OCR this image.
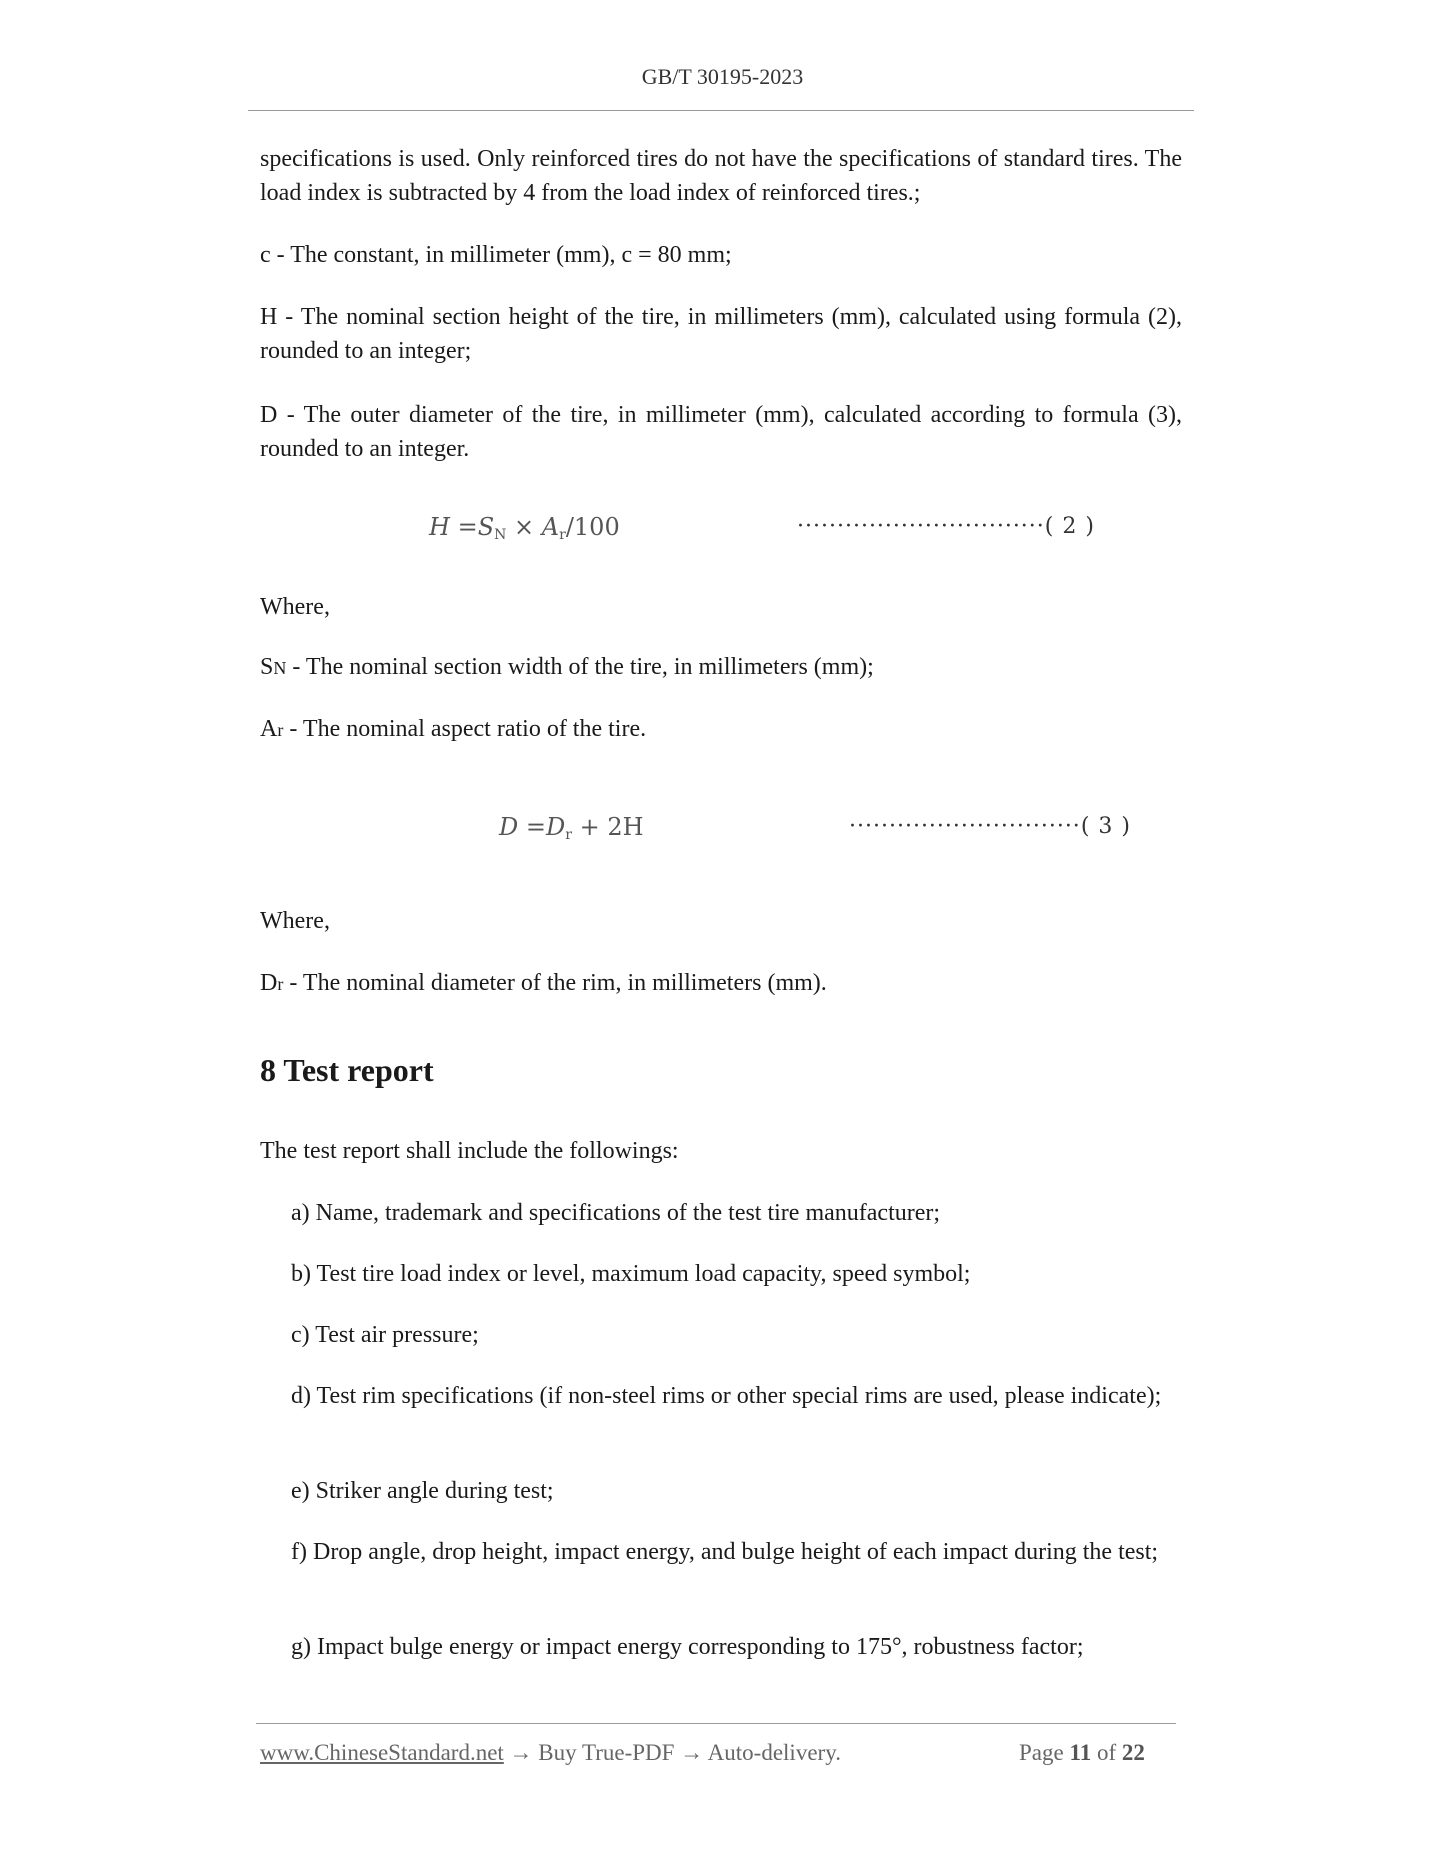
GB/T 30195-2023
specifications is used. Only reinforced tires do not have the specifications of standard tires. The load index is subtracted by 4 from the load index of reinforced tires.;
c - The constant, in millimeter (mm), c = 80 mm;
H - The nominal section height of the tire, in millimeters (mm), calculated using formula (2), rounded to an integer;
D - The outer diameter of the tire, in millimeter (mm), calculated according to formula (3), rounded to an integer.
$H =S_N \times A_r/100$	·······························( 2 )
Where,
SN - The nominal section width of the tire, in millimeters (mm);
Ar - The nominal aspect ratio of the tire.
$D =D_r + 2H$	·····························( 3 )
Where,
Dr - The nominal diameter of the rim, in millimeters (mm).
8 Test report
The test report shall include the followings:
a) Name, trademark and specifications of the test tire manufacturer;
b) Test tire load index or level, maximum load capacity, speed symbol;
c) Test air pressure;
d) Test rim specifications (if non-steel rims or other special rims are used, please indicate);
e) Striker angle during test;
f) Drop angle, drop height, impact energy, and bulge height of each impact during the test;
g) Impact bulge energy or impact energy corresponding to 175°, robustness factor;
www.ChineseStandard.net → Buy True-PDF → Auto-delivery.	Page 11 of 22
